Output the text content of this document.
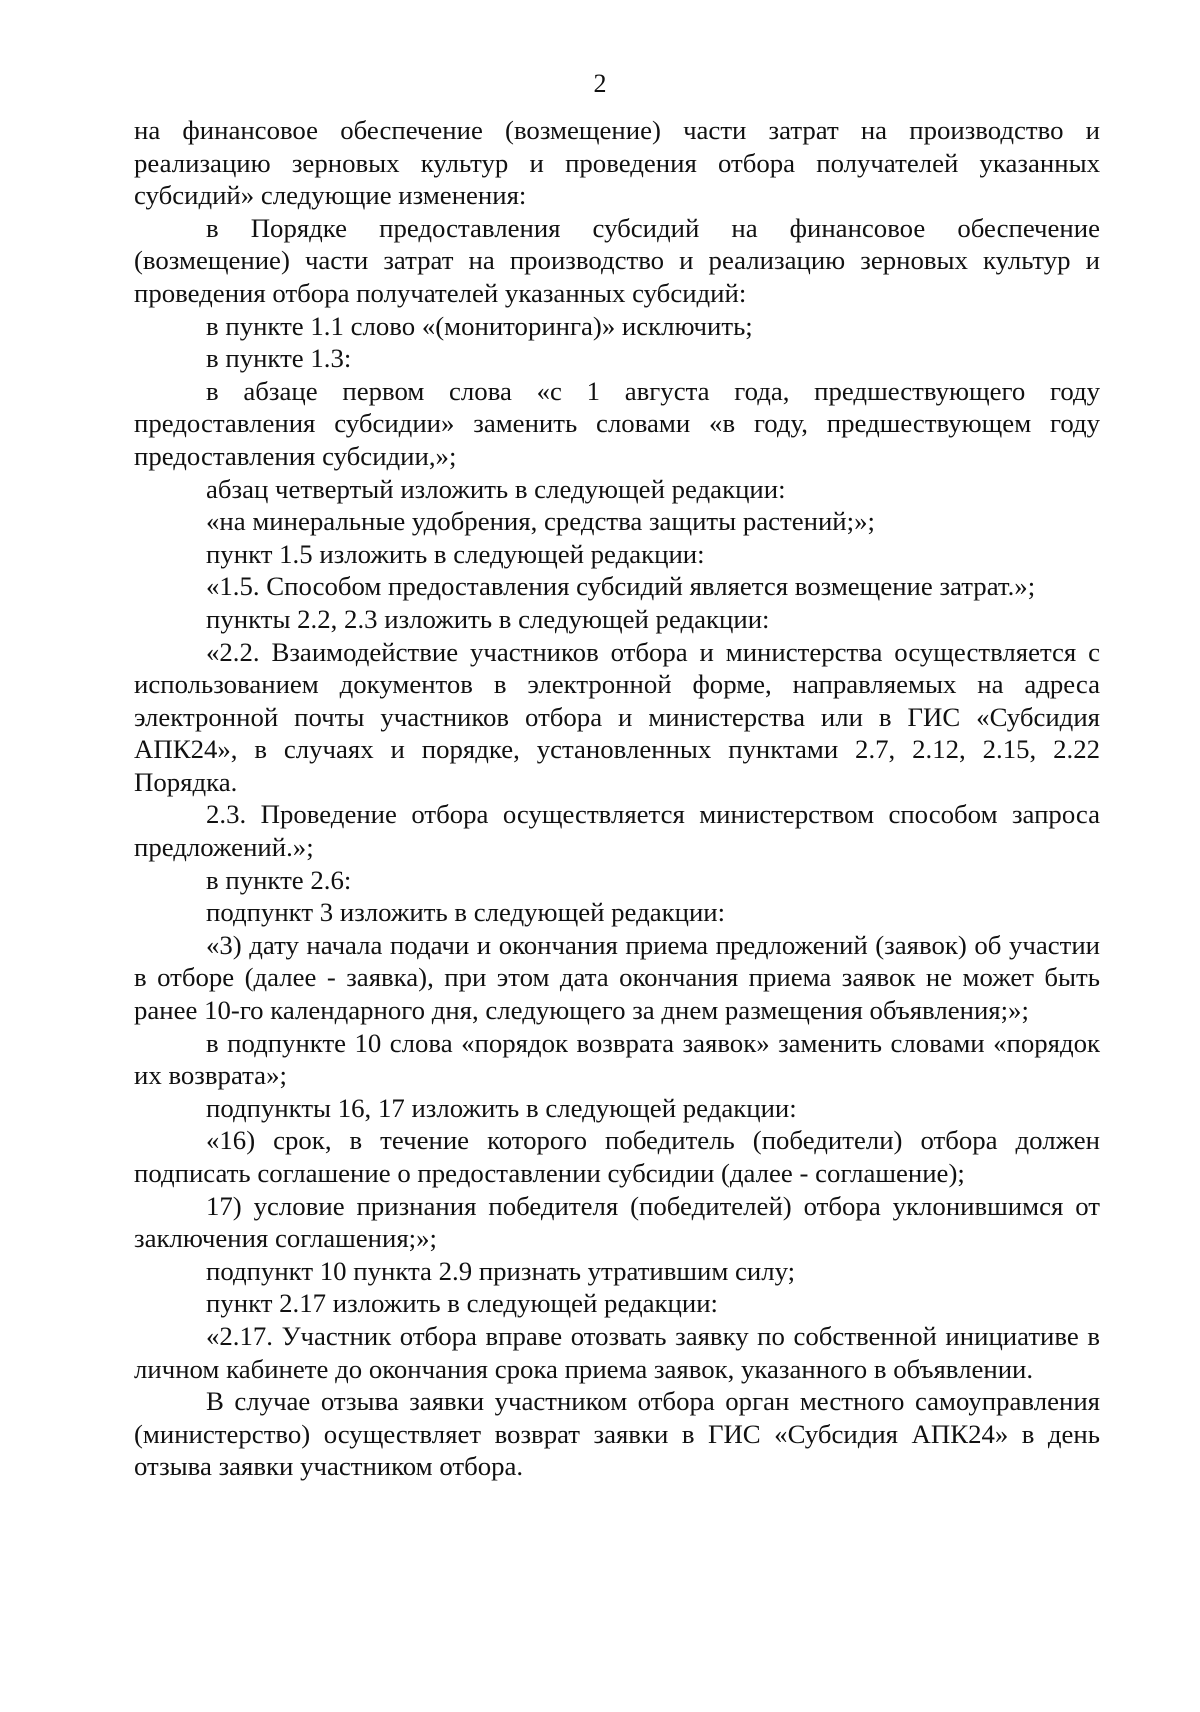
2

на финансовое обеспечение (возмещение) части затрат на производство и реализацию зерновых культур и проведения отбора получателей указанных субсидий» следующие изменения:

в Порядке предоставления субсидий на финансовое обеспечение (возмещение) части затрат на производство и реализацию зерновых культур и проведения отбора получателей указанных субсидий:

в пункте 1.1 слово «(мониторинга)» исключить;

в пункте 1.3:

в абзаце первом слова «с 1 августа года, предшествующего году предоставления субсидии» заменить словами «в году, предшествующем году предоставления субсидии,»;

абзац четвертый изложить в следующей редакции:

«на минеральные удобрения, средства защиты растений;»;

пункт 1.5 изложить в следующей редакции:

«1.5. Способом предоставления субсидий является возмещение затрат.»;

пункты 2.2, 2.3 изложить в следующей редакции:

«2.2. Взаимодействие участников отбора и министерства осуществляется с использованием документов в электронной форме, направляемых на адреса электронной почты участников отбора и министерства или в ГИС «Субсидия АПК24», в случаях и порядке, установленных пунктами 2.7, 2.12, 2.15, 2.22 Порядка.

2.3. Проведение отбора осуществляется министерством способом запроса предложений.»;

в пункте 2.6:

подпункт 3 изложить в следующей редакции:

«3) дату начала подачи и окончания приема предложений (заявок) об участии в отборе (далее - заявка), при этом дата окончания приема заявок не может быть ранее 10-го календарного дня, следующего за днем размещения объявления;»;

в подпункте 10 слова «порядок возврата заявок» заменить словами «порядок их возврата»;

подпункты 16, 17 изложить в следующей редакции:

«16) срок, в течение которого победитель (победители) отбора должен подписать соглашение о предоставлении субсидии (далее - соглашение);

17) условие признания победителя (победителей) отбора уклонившимся от заключения соглашения;»;

подпункт 10 пункта 2.9 признать утратившим силу;

пункт 2.17 изложить в следующей редакции:

«2.17. Участник отбора вправе отозвать заявку по собственной инициативе в личном кабинете до окончания срока приема заявок, указанного в объявлении.

В случае отзыва заявки участником отбора орган местного самоуправления (министерство) осуществляет возврат заявки в ГИС «Субсидия АПК24» в день отзыва заявки участником отбора.
